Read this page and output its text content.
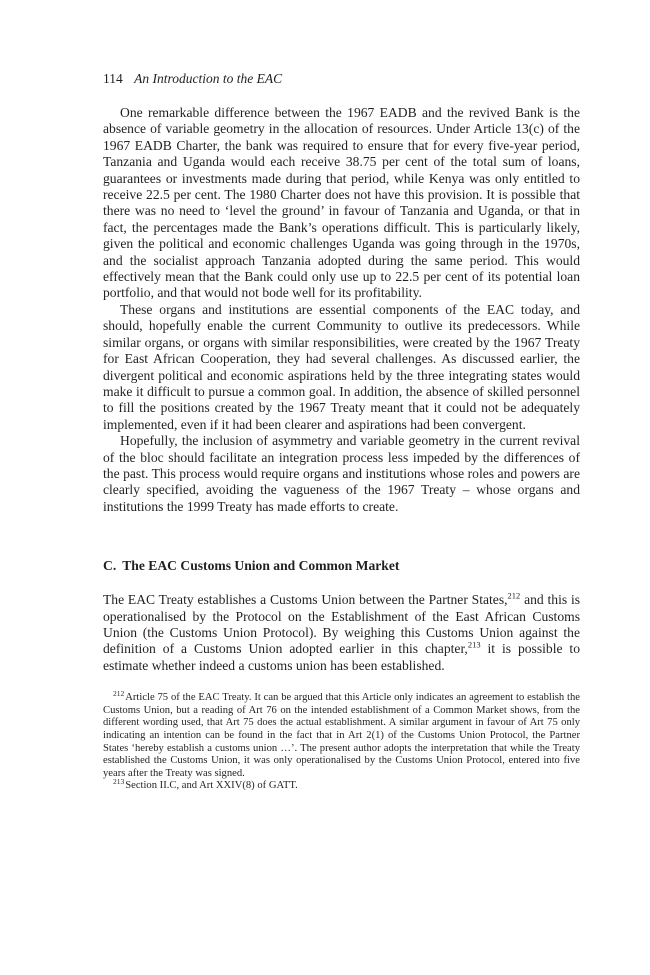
114 An Introduction to the EAC

One remarkable difference between the 1967 EADB and the revived Bank is the absence of variable geometry in the allocation of resources. Under Article 13(c) of the 1967 EADB Charter, the bank was required to ensure that for every five-year period, Tanzania and Uganda would each receive 38.75 per cent of the total sum of loans, guarantees or investments made during that period, while Kenya was only entitled to receive 22.5 per cent. The 1980 Charter does not have this provision. It is possible that there was no need to ‘level the ground’ in favour of Tanzania and Uganda, or that in fact, the percentages made the Bank’s operations difficult. This is particularly likely, given the political and economic challenges Uganda was going through in the 1970s, and the socialist approach Tanzania adopted during the same period. This would effectively mean that the Bank could only use up to 22.5 per cent of its potential loan portfolio, and that would not bode well for its profitability.

These organs and institutions are essential components of the EAC today, and should, hopefully enable the current Community to outlive its predecessors. While similar organs, or organs with similar responsibilities, were created by the 1967 Treaty for East African Cooperation, they had several challenges. As discussed earlier, the divergent political and economic aspirations held by the three integrating states would make it difficult to pursue a common goal. In addition, the absence of skilled personnel to fill the positions created by the 1967 Treaty meant that it could not be adequately implemented, even if it had been clearer and aspirations had been convergent.

Hopefully, the inclusion of asymmetry and variable geometry in the current revival of the bloc should facilitate an integration process less impeded by the differences of the past. This process would require organs and institutions whose roles and powers are clearly specified, avoiding the vagueness of the 1967 Treaty – whose organs and institutions the 1999 Treaty has made efforts to create.

C. The EAC Customs Union and Common Market

The EAC Treaty establishes a Customs Union between the Partner States,$^{212}$ and this is operationalised by the Protocol on the Establishment of the East African Customs Union (the Customs Union Protocol). By weighing this Customs Union against the definition of a Customs Union adopted earlier in this chapter,$^{213}$ it is possible to estimate whether indeed a customs union has been established.

$^{212}$Article 75 of the EAC Treaty. It can be argued that this Article only indicates an agreement to establish the Customs Union, but a reading of Art 76 on the intended establishment of a Common Market shows, from the different wording used, that Art 75 does the actual establishment. A similar argument in favour of Art 75 only indicating an intention can be found in the fact that in Art 2(1) of the Customs Union Protocol, the Partner States ‘hereby establish a customs union …’. The present author adopts the interpretation that while the Treaty established the Customs Union, it was only operationalised by the Customs Union Protocol, entered into five years after the Treaty was signed.

$^{213}$Section II.C, and Art XXIV(8) of GATT.
